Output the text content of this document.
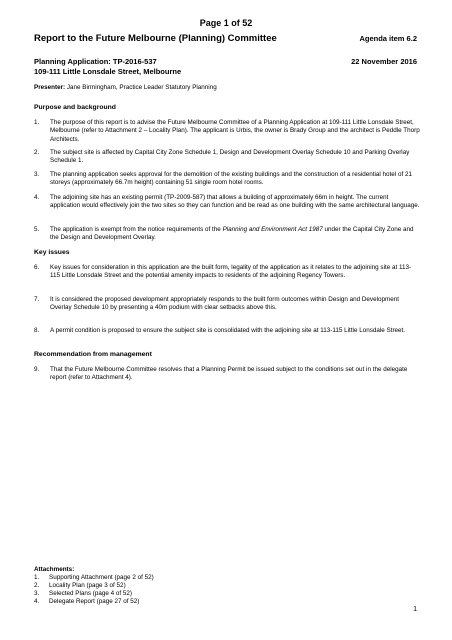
Page 1 of 52
Report to the Future Melbourne (Planning) Committee	Agenda item 6.2
Planning Application: TP-2016-537
109-111 Little Lonsdale Street, Melbourne
22 November 2016
Presenter: Jane Birmingham, Practice Leader Statutory Planning
Purpose and background
1.	The purpose of this report is to advise the Future Melbourne Committee of a Planning Application at 109-111 Little Lonsdale Street, Melbourne (refer to Attachment 2 – Locality Plan). The applicant is Urbis, the owner is Brady Group and the architect is Peddle Thorp Architects.
2.	The subject site is affected by Capital City Zone Schedule 1, Design and Development Overlay Schedule 10 and Parking Overlay Schedule 1.
3.	The planning application seeks approval for the demolition of the existing buildings and the construction of a residential hotel of 21 storeys (approximately 66.7m height) containing 51 single room hotel rooms.
4.	The adjoining site has an existing permit (TP-2009-587) that allows a building of approximately 66m in height. The current application would effectively join the two sites so they can function and be read as one building with the same architectural language.
5.	The application is exempt from the notice requirements of the Planning and Environment Act 1987 under the Capital City Zone and the Design and Development Overlay.
Key issues
6.	Key issues for consideration in this application are the built form, legality of the application as it relates to the adjoining site at 113-115 Little Lonsdale Street and the potential amenity impacts to residents of the adjoining Regency Towers.
7.	It is considered the proposed development appropriately responds to the built form outcomes within Design and Development Overlay Schedule 10 by presenting a 40m podium with clear setbacks above this.
8.	A permit condition is proposed to ensure the subject site is consolidated with the adjoining site at 113-115 Little Lonsdale Street.
Recommendation from management
9.	That the Future Melbourne Committee resolves that a Planning Permit be issued subject to the conditions set out in the delegate report (refer to Attachment 4).
Attachments:
1. Supporting Attachment (page 2 of 52)
2. Locality Plan (page 3 of 52)
3. Selected Plans (page 4 of 52)
4. Delegate Report (page 27 of 52)
1
